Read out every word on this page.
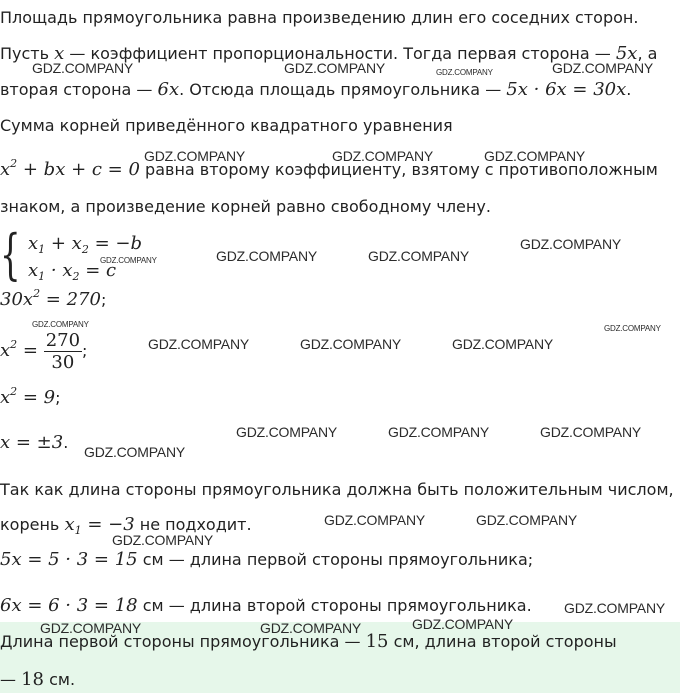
Площадь прямоугольника равна произведению длин его соседних сторон.
Пусть x — коэффициент пропорциональности. Тогда первая сторона — 5x, а
вторая сторона — 6x. Отсюда площадь прямоугольника — 5x · 6x = 30x.
Сумма корней приведённого квадратного уравнения
$x^2$ + bx + c = 0 равна второму коэффициенту, взятому с противоположным
знаком, а произведение корней равно свободному члену.
{ $x_1 + x_2 = -b$
$x_1 \cdot x_2 = c$
$30x^2 = 270$;
$x^2 = \frac{270}{30}$ ;
$x^2 = 9$;
x = ±3.
Так как длина стороны прямоугольника должна быть положительным числом,
корень $x_1 = -3$ не подходит.
5x = 5 · 3 = 15 см — длина первой стороны прямоугольника;
6x = 6 · 3 = 18 см — длина второй стороны прямоугольника.
Длина первой стороны прямоугольника — 15 см, длина второй стороны
— 18 см.
GDZ.COMPANY	GDZ.COMPANY	GDZ.COMPANY	GDZ.COMPANY
GDZ.COMPANY	GDZ.COMPANY	GDZ.COMPANY
GDZ.COMPANY
GDZ.COMPANY	GDZ.COMPANY
GDZ.COMPANY
GDZ.COMPANY	GDZ.COMPANY
GDZ.COMPANY	GDZ.COMPANY	GDZ.COMPANY
GDZ.COMPANY	GDZ.COMPANY	GDZ.COMPANY
GDZ.COMPANY
GDZ.COMPANY	GDZ.COMPANY
GDZ.COMPANY
GDZ.COMPANY
GDZ.COMPANY	GDZ.COMPANY	GDZ.COMPANY
